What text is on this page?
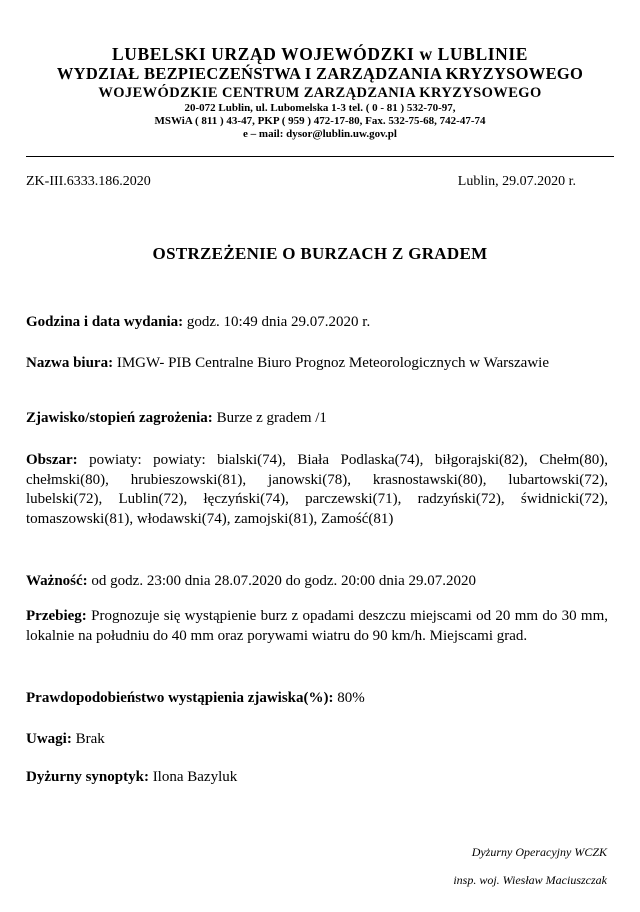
LUBELSKI URZĄD WOJEWÓDZKI w LUBLINIE
WYDZIAŁ BEZPIECZEŃSTWA I ZARZĄDZANIA KRYZYSOWEGO
WOJEWÓDZKIE CENTRUM ZARZĄDZANIA KRYZYSOWEGO
20-072 Lublin, ul. Lubomelska 1-3 tel. ( 0 - 81 ) 532-70-97,
MSWiA ( 811 ) 43-47, PKP ( 959 ) 472-17-80, Fax. 532-75-68, 742-47-74
e – mail: dysor@lublin.uw.gov.pl
ZK-III.6333.186.2020	Lublin, 29.07.2020 r.
OSTRZEŻENIE O BURZACH Z GRADEM
Godzina i data wydania: godz. 10:49 dnia 29.07.2020 r.
Nazwa biura: IMGW- PIB Centralne Biuro Prognoz Meteorologicznych w Warszawie
Zjawisko/stopień zagrożenia: Burze z gradem /1
Obszar: powiaty: powiaty: bialski(74), Biała Podlaska(74), biłgorajski(82), Chełm(80), chełmski(80), hrubieszowski(81), janowski(78), krasnostawski(80), lubartowski(72), lubelski(72), Lublin(72), łęczyński(74), parczewski(71), radzyński(72), świdnicki(72), tomaszowski(81), włodawski(74), zamojski(81), Zamość(81)
Ważność: od godz. 23:00 dnia 28.07.2020 do godz. 20:00 dnia 29.07.2020
Przebieg: Prognozuje się wystąpienie burz z opadami deszczu miejscami od 20 mm do 30 mm, lokalnie na południu do 40 mm oraz porywami wiatru do 90 km/h. Miejscami grad.
Prawdopodobieństwo wystąpienia zjawiska(%): 80%
Uwagi: Brak
Dyżurny synoptyk: Ilona Bazyluk
Dyżurny Operacyjny WCZK
insp. woj. Wiesław Maciuszczak
